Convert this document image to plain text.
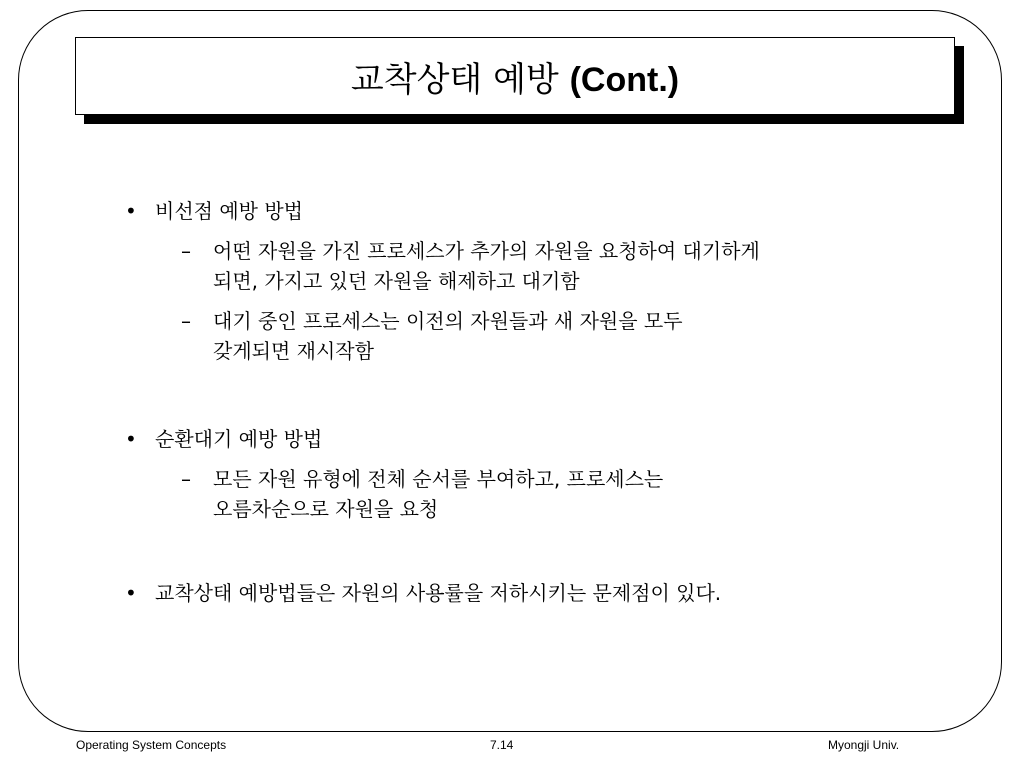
교착상태 예방 (Cont.)
• 비선점 예방 방법
–	어떤 자원을 가진 프로세스가 추가의 자원을 요청하여 대기하게
되면, 가지고 있던 자원을 해제하고 대기함
–	대기 중인 프로세스는 이전의 자원들과 새 자원을 모두
갖게되면 재시작함
• 순환대기 예방 방법
–	모든 자원 유형에 전체 순서를 부여하고, 프로세스는
오름차순으로 자원을 요청
• 교착상태 예방법들은 자원의 사용률을 저하시키는 문제점이 있다.
Operating System Concepts	7.14	Myongji Univ.
